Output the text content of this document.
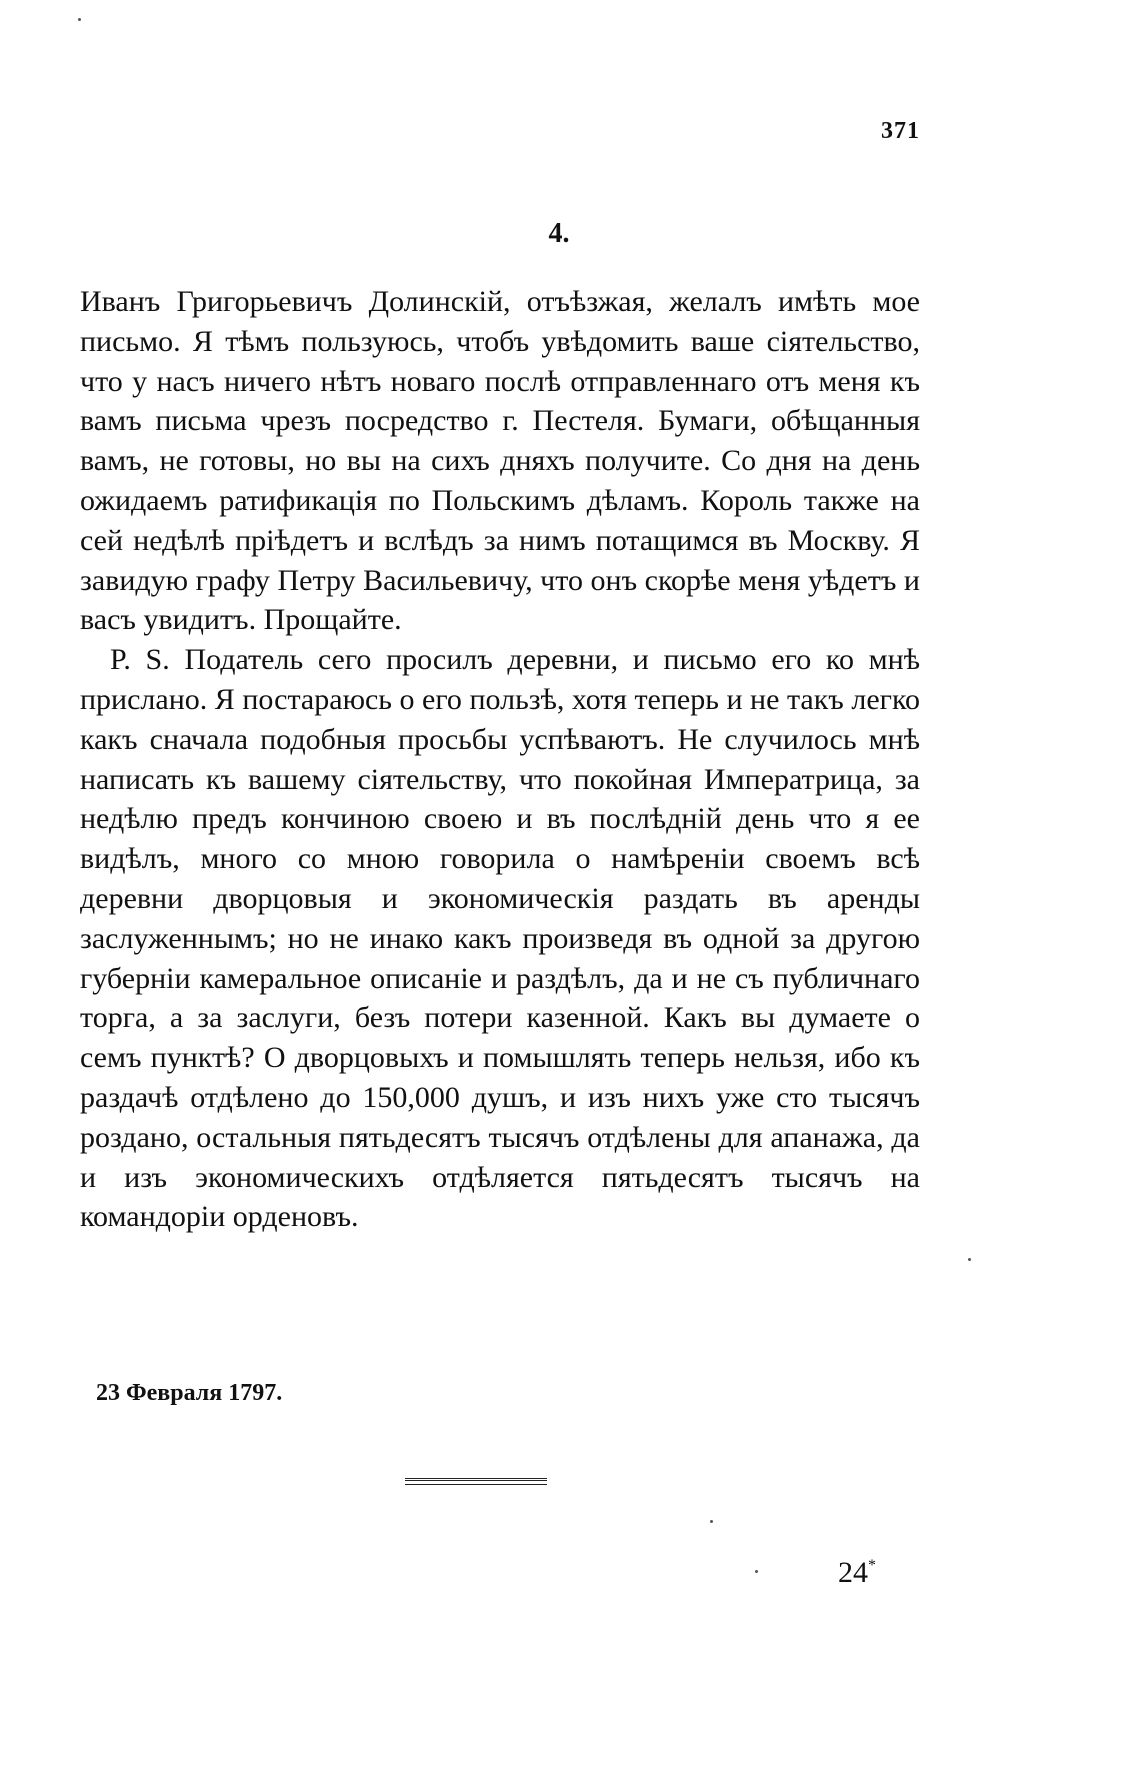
371
4.

Иванъ Григорьевичъ Долинскій, отъѣзжая, желалъ имѣть мое письмо. Я тѣмъ пользуюсь, чтобъ увѣдомить ваше сіятельство, что у насъ ничего нѣтъ новаго послѣ отправленнаго отъ меня къ вамъ письма чрезъ посредство г. Пестеля. Бумаги, обѣщанныя вамъ, не готовы, но вы на сихъ дняхъ получите. Со дня на день ожидаемъ ратификацiя по Польскимъ дѣламъ. Король также на сей недѣлѣ прiѣдетъ и вслѣдъ за нимъ потащимся въ Москву. Я завидую графу Петру Васильевичу, что онъ скорѣе меня уѣдетъ и васъ увидитъ. Прощайте.

P. S. Податель сего просилъ деревни, и письмо его ко мнѣ прислано. Я постараюсь о его пользѣ, хотя теперь и не такъ легко какъ сначала подобныя просьбы успѣваютъ. Не случилось мнѣ написать къ вашему сіятельству, что покойная Императрица, за недѣлю предъ кончиною своею и въ послѣдній день что я ее видѣлъ, много со мною говорила о намѣреніи своемъ всѣ деревни дворцовыя и экономическія раздать въ аренды заслуженнымъ; но не инако какъ произведя въ одной за другою губерніи камеральное описаніе и раздѣлъ, да и не съ публичнаго торга, а за заслуги, безъ потери казенной. Какъ вы думаете о семъ пунктѣ? О дворцовыхъ и помышлять теперь нельзя, ибо къ раздачѣ отдѣлено до 150,000 душъ, и изъ нихъ уже сто тысячъ роздано, остальныя пятьдесятъ тысячъ отдѣлены для апанажа, да и изъ экономическихъ отдѣляется пятьдесятъ тысячъ на командоріи орденовъ.

23 Февраля 1797.
24*
